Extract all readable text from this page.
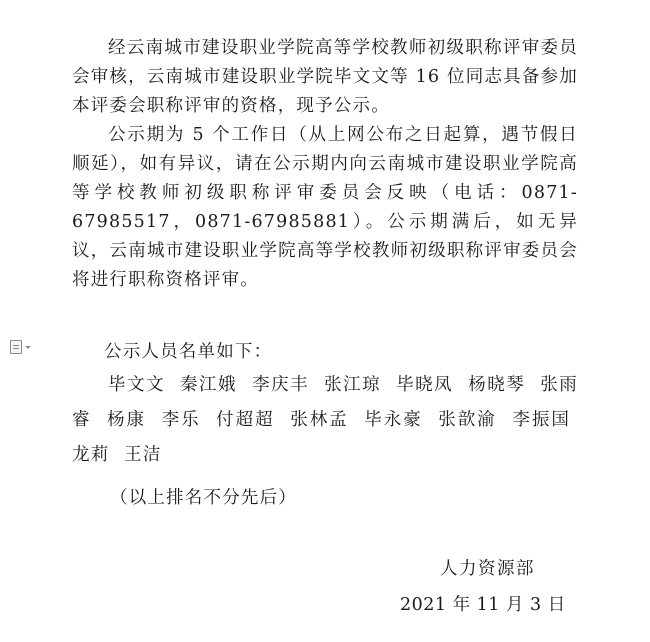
经云南城市建设职业学院高等学校教师初级职称评审委员会审核，云南城市建设职业学院毕文文等 16 位同志具备参加本评委会职称评审的资格，现予公示。

公示期为 5 个工作日（从上网公布之日起算，遇节假日顺延），如有异议，请在公示期内向云南城市建设职业学院高等学校教师初级职称评审委员会反映（电话：0871-67985517，0871-67985881）。公示期满后，如无异议，云南城市建设职业学院高等学校教师初级职称评审委员会将进行职称资格评审。

公示人员名单如下：
毕文文 秦江娥 李庆丰 张江琼 毕晓凤 杨晓琴 张雨睿 杨康 李乐 付超超 张林孟 毕永豪 张歆渝 李振国 龙莉 王洁
（以上排名不分先后）
人力资源部
2021 年 11 月 3 日
